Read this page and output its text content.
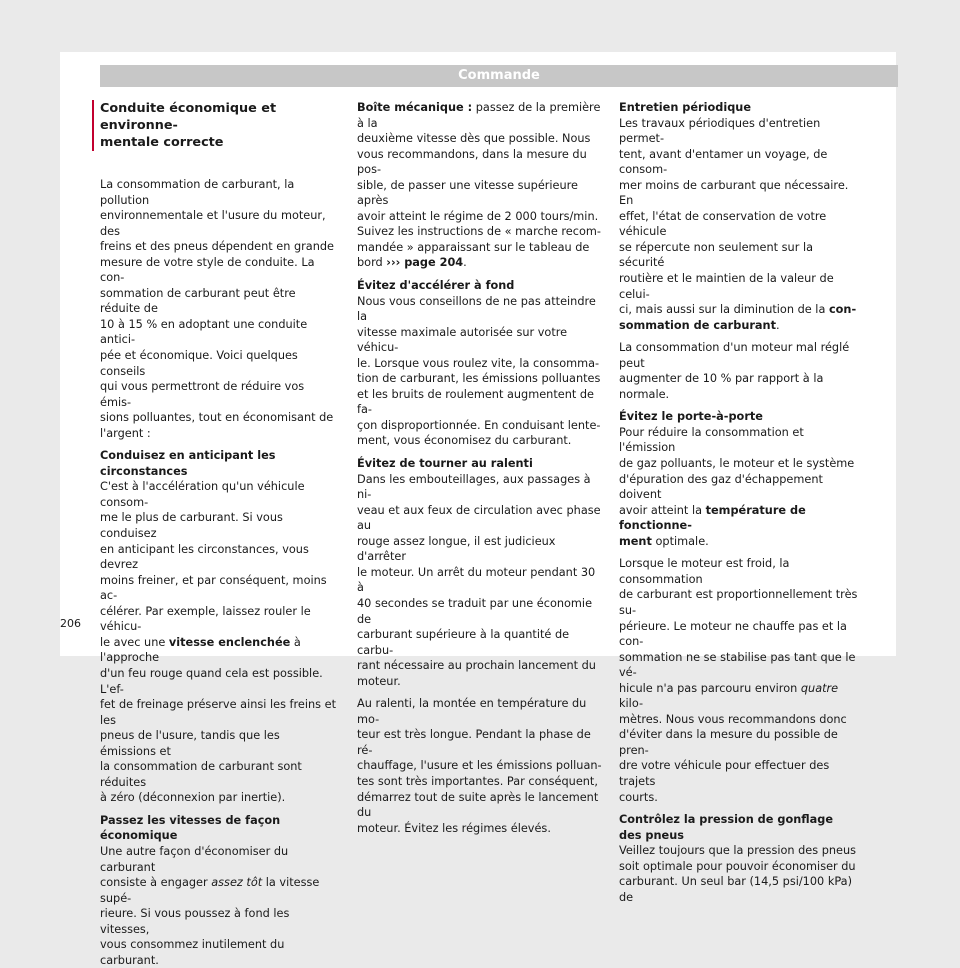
Commande
Conduite économique et environne-
mentale correcte

La consommation de carburant, la pollution
environnementale et l'usure du moteur, des
freins et des pneus dépendent en grande
mesure de votre style de conduite. La con-
sommation de carburant peut être réduite de
10 à 15 % en adoptant une conduite antici-
pée et économique. Voici quelques conseils
qui vous permettront de réduire vos émis-
sions polluantes, tout en économisant de
l'argent :

Conduisez en anticipant les circonstances

C'est à l'accélération qu'un véhicule consom-
me le plus de carburant. Si vous conduisez
en anticipant les circonstances, vous devrez
moins freiner, et par conséquent, moins ac-
célérer. Par exemple, laissez rouler le véhicu-
le avec une vitesse enclenchée à l'approche
d'un feu rouge quand cela est possible. L'ef-
fet de freinage préserve ainsi les freins et les
pneus de l'usure, tandis que les émissions et
la consommation de carburant sont réduites
à zéro (déconnexion par inertie).

Passez les vitesses de façon économique

Une autre façon d'économiser du carburant
consiste à engager assez tôt la vitesse supé-
rieure. Si vous poussez à fond les vitesses,
vous consommez inutilement du carburant.

Boîte mécanique : passez de la première à la
deuxième vitesse dès que possible. Nous
vous recommandons, dans la mesure du pos-
sible, de passer une vitesse supérieure après
avoir atteint le régime de 2 000 tours/min.
Suivez les instructions de « marche recom-
mandée » apparaissant sur le tableau de
bord ››› page 204.

Évitez d'accélérer à fond

Nous vous conseillons de ne pas atteindre la
vitesse maximale autorisée sur votre véhicu-
le. Lorsque vous roulez vite, la consomma-
tion de carburant, les émissions polluantes
et les bruits de roulement augmentent de fa-
çon disproportionnée. En conduisant lente-
ment, vous économisez du carburant.

Évitez de tourner au ralenti

Dans les embouteillages, aux passages à ni-
veau et aux feux de circulation avec phase au
rouge assez longue, il est judicieux d'arrêter
le moteur. Un arrêt du moteur pendant 30 à
40 secondes se traduit par une économie de
carburant supérieure à la quantité de carbu-
rant nécessaire au prochain lancement du
moteur.

Au ralenti, la montée en température du mo-
teur est très longue. Pendant la phase de ré-
chauffage, l'usure et les émissions polluan-
tes sont très importantes. Par conséquent,
démarrez tout de suite après le lancement du
moteur. Évitez les régimes élevés.

Entretien périodique

Les travaux périodiques d'entretien permet-
tent, avant d'entamer un voyage, de consom-
mer moins de carburant que nécessaire. En
effet, l'état de conservation de votre véhicule
se répercute non seulement sur la sécurité
routière et le maintien de la valeur de celui-
ci, mais aussi sur la diminution de la con-
sommation de carburant.

La consommation d'un moteur mal réglé peut
augmenter de 10 % par rapport à la normale.

Évitez le porte-à-porte

Pour réduire la consommation et l'émission
de gaz polluants, le moteur et le système
d'épuration des gaz d'échappement doivent
avoir atteint la température de fonctionne-
ment optimale.

Lorsque le moteur est froid, la consommation
de carburant est proportionnellement très su-
périeure. Le moteur ne chauffe pas et la con-
sommation ne se stabilise pas tant que le vé-
hicule n'a pas parcouru environ quatre kilo-
mètres. Nous vous recommandons donc
d'éviter dans la mesure du possible de pren-
dre votre véhicule pour effectuer des trajets
courts.

Contrôlez la pression de gonflage des pneus

Veillez toujours que la pression des pneus
soit optimale pour pouvoir économiser du
carburant. Un seul bar (14,5 psi/100 kPa) de

206
